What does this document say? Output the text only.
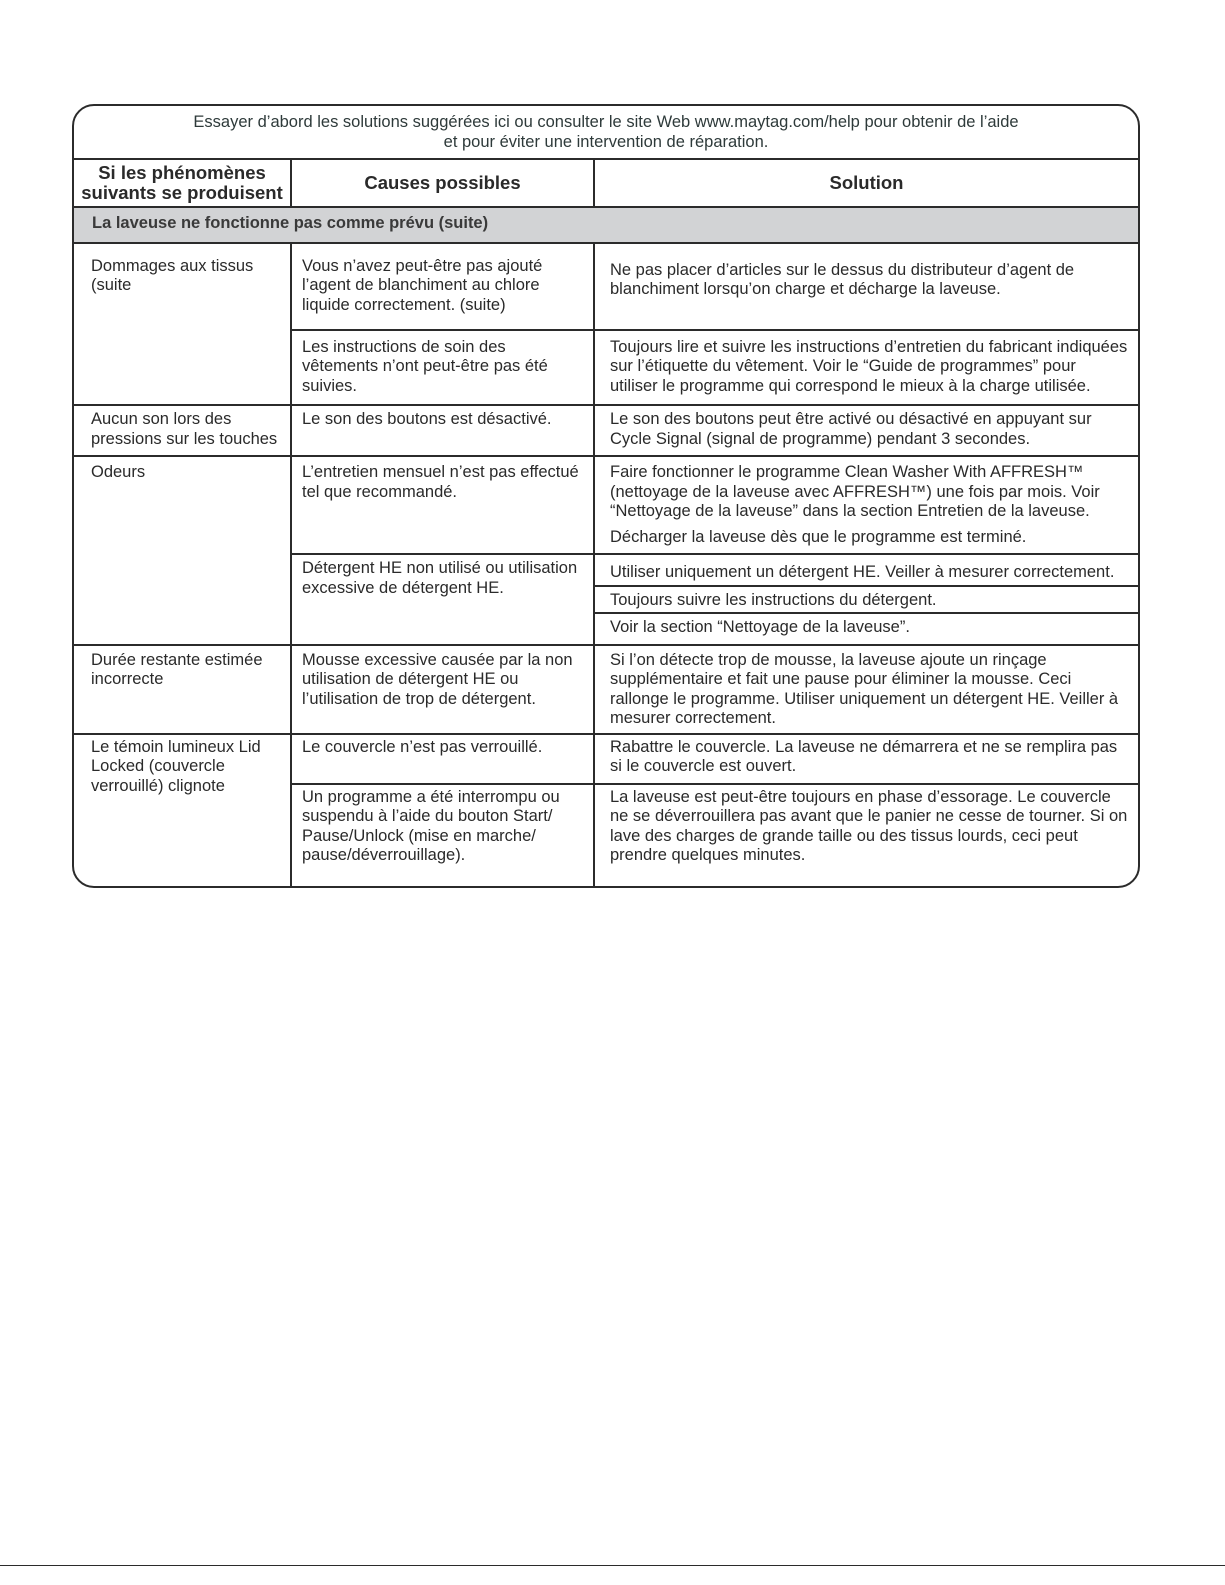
Essayer d’abord les solutions suggérées ici ou consulter le site Web www.maytag.com/help pour obtenir de l’aide
et pour éviter une intervention de réparation.		

Si les phénomènes suivants se produisent	Causes possibles	Solution
La laveuse ne fonctionne pas comme prévu (suite)		
Dommages aux tissus (suite	Vous n’avez peut-être pas ajouté l’agent de blanchiment au chlore liquide correctement. (suite)	Ne pas placer d’articles sur le dessus du distributeur d’agent de blanchiment lorsqu’on charge et décharge la laveuse.
	Les instructions de soin des vêtements n’ont peut-être pas été suivies.	Toujours lire et suivre les instructions d’entretien du fabricant indiquées sur l’étiquette du vêtement. Voir le “Guide de programmes” pour utiliser le programme qui correspond le mieux à la charge utilisée.
Aucun son lors des pressions sur les touches	Le son des boutons est désactivé.	Le son des boutons peut être activé ou désactivé en appuyant sur Cycle Signal (signal de programme) pendant 3 secondes.
Odeurs	L’entretien mensuel n’est pas effectué tel que recommandé.	Faire fonctionner le programme Clean Washer With AFFRESH™ (nettoyage de la laveuse avec AFFRESH™) une fois par mois. Voir “Nettoyage de la laveuse” dans la section Entretien de la laveuse.

Décharger la laveuse dès que le programme est terminé.

	Détergent HE non utilisé ou utilisation excessive de détergent HE.	Utiliser uniquement un détergent HE. Veiller à mesurer correctement.
Toujours suivre les instructions du détergent.
Voir la section “Nettoyage de la laveuse”.

Durée restante estimée incorrecte	Mousse excessive causée par la non utilisation de détergent HE ou l’utilisation de trop de détergent.	Si l’on détecte trop de mousse, la laveuse ajoute un rinçage supplémentaire et fait une pause pour éliminer la mousse. Ceci rallonge le programme. Utiliser uniquement un détergent HE. Veiller à mesurer correctement.
Le témoin lumineux Lid Locked (couvercle verrouillé) clignote	Le couvercle n’est pas verrouillé.	Rabattre le couvercle. La laveuse ne démarrera et ne se remplira pas si le couvercle est ouvert.
	Un programme a été interrompu ou suspendu à l’aide du bouton Start/ Pause/Unlock (mise en marche/ pause/déverrouillage).	La laveuse est peut-être toujours en phase d’essorage. Le couvercle ne se déverrouillera pas avant que le panier ne cesse de tourner. Si on lave des charges de grande taille ou des tissus lourds, ceci peut prendre quelques minutes.
